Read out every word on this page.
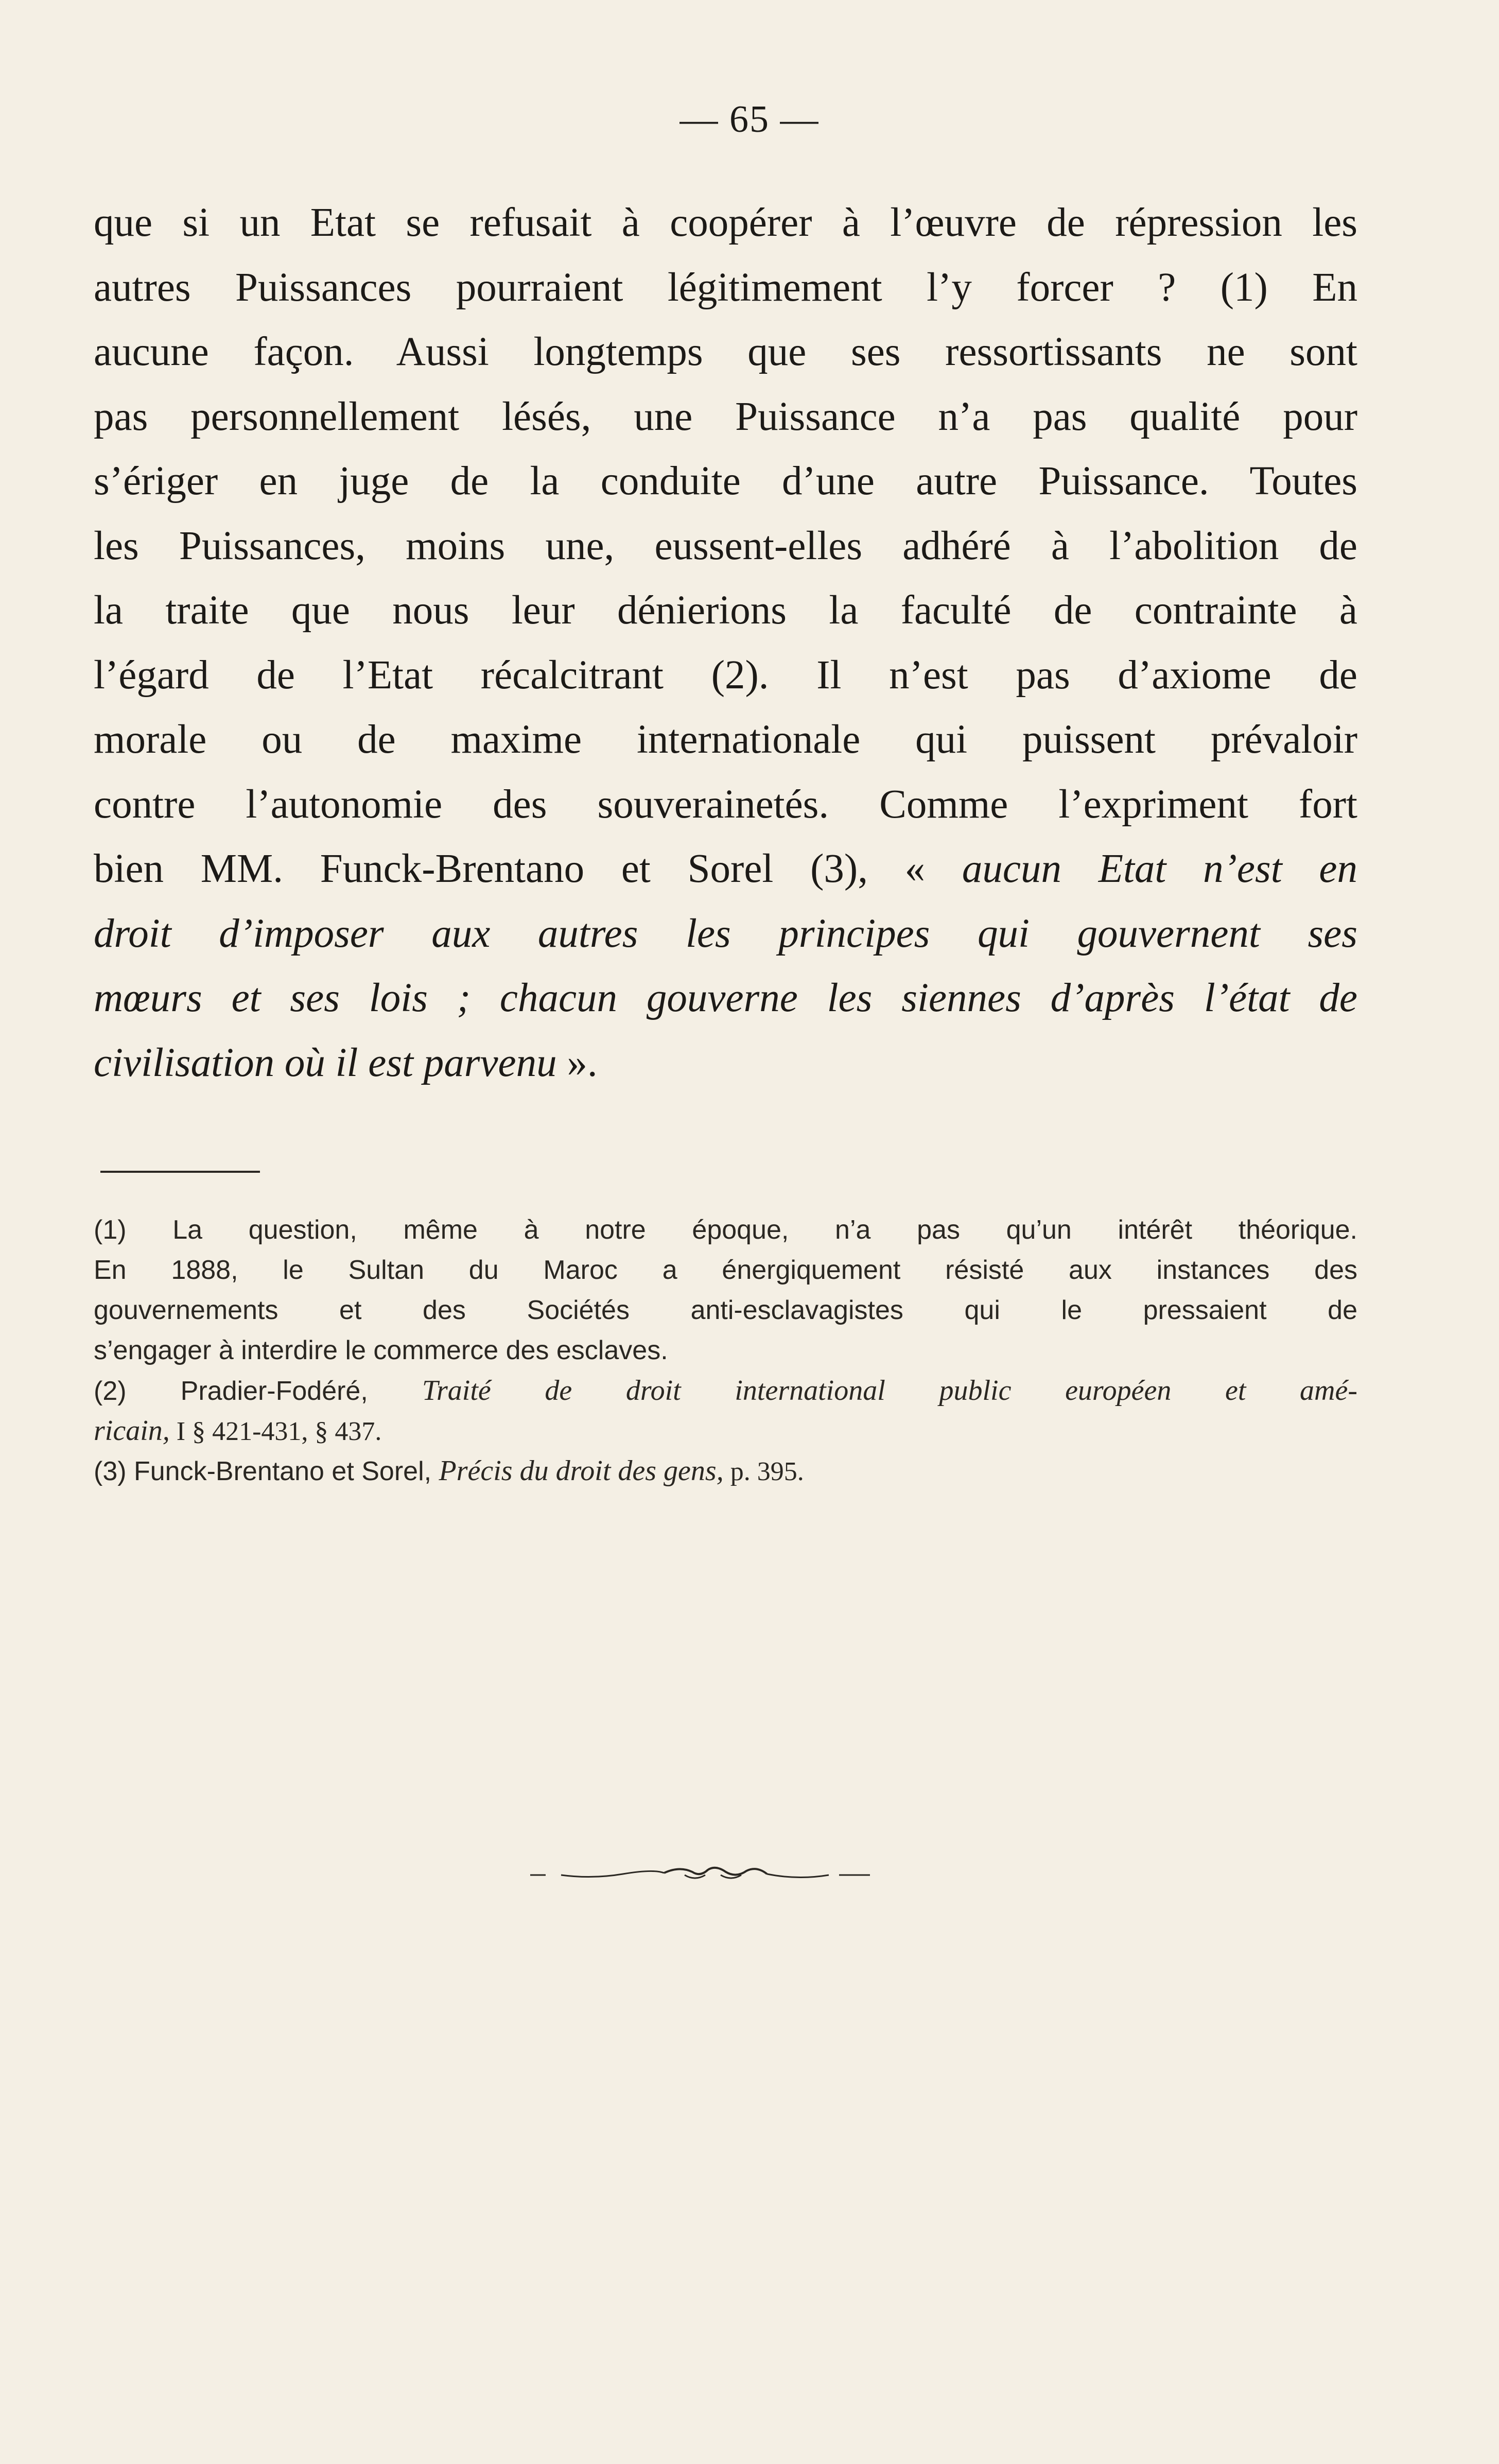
— 65 —
que si un Etat se refusait à coopérer à l’œuvre de répression les
autres Puissances pourraient légitimement l’y forcer ? (1) En
aucune façon. Aussi longtemps que ses ressortissants ne sont
pas personnellement lésés, une Puissance n’a pas qualité pour
s’ériger en juge de la conduite d’une autre Puissance. Toutes
les Puissances, moins une, eussent-elles adhéré à l’abolition de
la traite que nous leur dénierions la faculté de contrainte à
l’égard de l’Etat récalcitrant (2). Il n’est pas d’axiome de
morale ou de maxime internationale qui puissent prévaloir
contre l’autonomie des souverainetés. Comme l’expriment fort
bien MM. Funck-Brentano et Sorel (3), « aucun Etat n’est en
droit d’imposer aux autres les principes qui gouvernent ses
mœurs et ses lois ; chacun gouverne les siennes d’après l’état de
civilisation où il est parvenu ».
(1) La question, même à notre époque, n’a pas qu’un intérêt théorique.
En 1888, le Sultan du Maroc a énergiquement résisté aux instances des
gouvernements et des Sociétés anti-esclavagistes qui le pressaient de
s’engager à interdire le commerce des esclaves.
(2) Pradier-Fodéré, Traité de droit international public européen et amé-
ricain, I § 421-431, § 437.
(3) Funck-Brentano et Sorel, Précis du droit des gens, p. 395.
